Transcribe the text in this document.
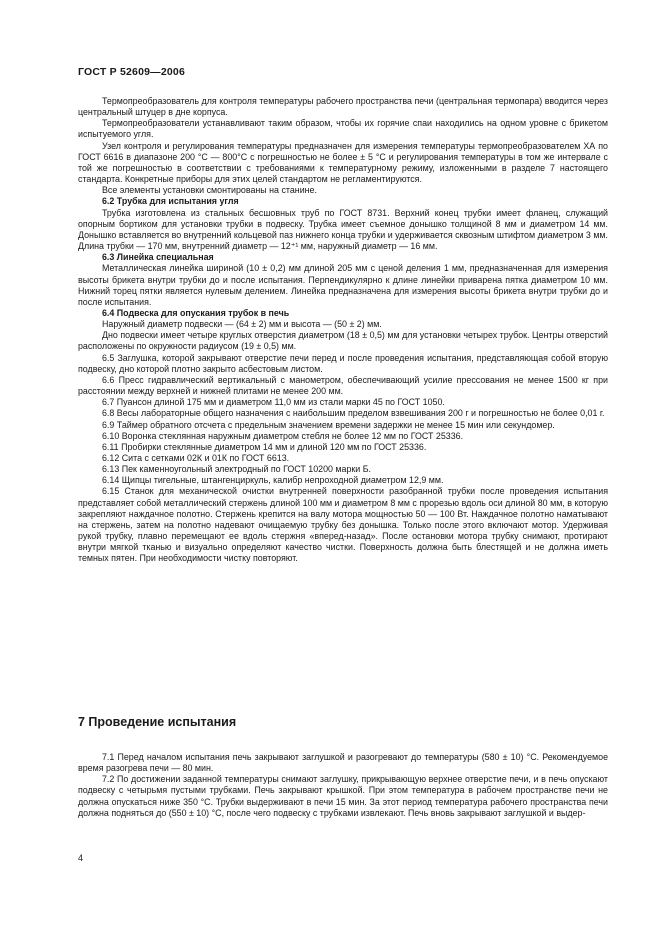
ГОСТ Р 52609—2006

Термопреобразователь для контроля температуры рабочего пространства печи (центральная термопара) вводится через центральный штуцер в дне корпуса.

Термопреобразователи устанавливают таким образом, чтобы их горячие спаи находились на одном уровне с брикетом испытуемого угля.

Узел контроля и регулирования температуры предназначен для измерения температуры термопреобразователем ХА по ГОСТ 6616 в диапазоне 200 °С — 800°С с погрешностью не более ± 5 °С и регулирования температуры в том же интервале с той же погрешностью в соответствии с требованиями к температурному режиму, изложенными в разделе 7 настоящего стандарта. Конкретные приборы для этих целей стандартом не регламентируются.

Все элементы установки смонтированы на станине.

6.2 Трубка для испытания угля

Трубка изготовлена из стальных бесшовных труб по ГОСТ 8731. Верхний конец трубки имеет фланец, служащий опорным бортиком для установки трубки в подвеску. Трубка имеет съемное донышко толщиной 8 мм и диаметром 14 мм. Донышко вставляется во внутренний кольцевой паз нижнего конца трубки и удерживается сквозным штифтом диаметром 3 мм. Длина трубки — 170 мм, внутренний диаметр — 12⁺¹ мм, наружный диаметр — 16 мм.

6.3 Линейка специальная

Металлическая линейка шириной (10 ± 0,2) мм длиной 205 мм с ценой деления 1 мм, предназначенная для измерения высоты брикета внутри трубки до и после испытания. Перпендикулярно к длине линейки приварена пятка диаметром 10 мм. Нижний торец пятки является нулевым делением. Линейка предназначена для измерения высоты брикета внутри трубки до и после испытания.

6.4 Подвеска для опускания трубок в печь

Наружный диаметр подвески — (64 ± 2) мм и высота — (50 ± 2) мм.

Дно подвески имеет четыре круглых отверстия диаметром (18 ± 0,5) мм для установки четырех трубок. Центры отверстий расположены по окружности радиусом (19 ± 0,5) мм.

6.5 Заглушка, которой закрывают отверстие печи перед и после проведения испытания, представляющая собой вторую подвеску, дно которой плотно закрыто асбестовым листом.

6.6 Пресс гидравлический вертикальный с манометром, обеспечивающий усилие прессования не менее 1500 кг при расстоянии между верхней и нижней плитами не менее 200 мм.

6.7 Пуансон длиной 175 мм и диаметром 11,0 мм из стали марки 45 по ГОСТ 1050.

6.8 Весы лабораторные общего назначения с наибольшим пределом взвешивания 200 г и погрешностью не более 0,01 г.

6.9 Таймер обратного отсчета с предельным значением времени задержки не менее 15 мин или секундомер.

6.10 Воронка стеклянная наружным диаметром стебля не более 12 мм по ГОСТ 25336.

6.11 Пробирки стеклянные диаметром 14 мм и длиной 120 мм по ГОСТ 25336.

6.12 Сита с сетками 02К и 01К по ГОСТ 6613.

6.13 Пек каменноугольный электродный по ГОСТ 10200 марки Б.

6.14 Щипцы тигельные, штангенциркуль, калибр непроходной диаметром 12,9 мм.

6.15 Станок для механической очистки внутренней поверхности разобранной трубки после проведения испытания представляет собой металлический стержень длиной 100 мм и диаметром 8 мм с прорезью вдоль оси длиной 80 мм, в которую закрепляют наждачное полотно. Стержень крепится на валу мотора мощностью 50 — 100 Вт. Наждачное полотно наматывают на стержень, затем на полотно надевают очищаемую трубку без донышка. Только после этого включают мотор. Удерживая рукой трубку, плавно перемещают ее вдоль стержня «вперед-назад». После остановки мотора трубку снимают, протирают внутри мягкой тканью и визуально определяют качество чистки. Поверхность должна быть блестящей и не должна иметь темных пятен. При необходимости чистку повторяют.

7 Проведение испытания

7.1 Перед началом испытания печь закрывают заглушкой и разогревают до температуры (580 ± 10) °С. Рекомендуемое время разогрева печи — 80 мин.

7.2 По достижении заданной температуры снимают заглушку, прикрывающую верхнее отверстие печи, и в печь опускают подвеску с четырьмя пустыми трубками. Печь закрывают крышкой. При этом температура в рабочем пространстве печи не должна опускаться ниже 350 °С. Трубки выдерживают в печи 15 мин. За этот период температура рабочего пространства печи должна подняться до (550 ± 10) °С, после чего подвеску с трубками извлекают. Печь вновь закрывают заглушкой и выдер-

4
